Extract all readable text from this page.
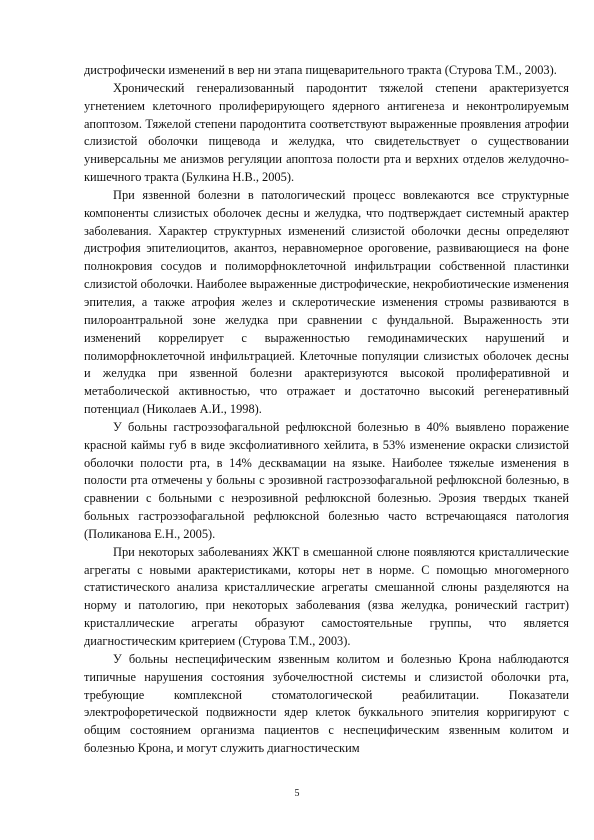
дистрофически изменений в вер ни этапа пищеварительного тракта (Стурова Т.М., 2003).

Хронический генерализованный пародонтит тяжелой степени арактеризуется угнетением клеточного пролиферирующего ядерного антигенеза и неконтролируемым апоптозом. Тяжелой степени пародонтита соответствуют выраженные проявления атрофии слизистой оболочки пищевода и желудка, что свидетельствует о существовании универсальны ме анизмов регуляции апоптоза полости рта и верхних отделов желудочно-кишечного тракта (Булкина Н.В., 2005).

При язвенной болезни в патологический процесс вовлекаются все структурные компоненты слизистых оболочек десны и желудка, что подтверждает системный арактер заболевания. Характер структурных изменений слизистой оболочки десны определяют дистрофия эпителиоцитов, акантоз, неравномерное ороговение, развивающиеся на фоне полнокровия сосудов и полиморфноклеточной инфильтрации собственной пластинки слизистой оболочки. Наиболее выраженные дистрофические, некробиотические изменения эпителия, а также атрофия желез и склеротические изменения стромы развиваются в пилороантральной зоне желудка при сравнении с фундальной. Выраженность эти изменений коррелирует с выраженностью гемодинамических нарушений и полиморфноклеточной инфильтрацией. Клеточные популяции слизистых оболочек десны и желудка при язвенной болезни арактеризуются высокой пролиферативной и метаболической активностью, что отражает и достаточно высокий регенеративный потенциал (Николаев А.И., 1998).

У больны гастроэзофагальной рефлюксной болезнью в 40% выявлено поражение красной каймы губ в виде эксфолиативного хейлита, в 53% изменение окраски слизистой оболочки полости рта, в 14% десквамации на языке. Наиболее тяжелые изменения в полости рта отмечены у больны с эрозивной гастроэзофагальной рефлюксной болезнью, в сравнении с больными с неэрозивной рефлюксной болезнью. Эрозия твердых тканей больных гастроэзофагальной рефлюксной болезнью часто встречающаяся патология (Поликанова Е.Н., 2005).

При некоторых заболеваниях ЖКТ в смешанной слюне появляются кристаллические агрегаты с новыми арактеристиками, которы нет в норме. С помощью многомерного статистического анализа кристаллические агрегаты смешанной слюны разделяются на норму и патологию, при некоторых заболевания (язва желудка, ронический гастрит) кристаллические агрегаты образуют самостоятельные группы, что является диагностическим критерием (Стурова Т.М., 2003).

У больны неспецифическим язвенным колитом и болезнью Крона наблюдаются типичные нарушения состояния зубочелюстной системы и слизистой оболочки рта, требующие комплексной стоматологической реабилитации. Показатели электрофоретической подвижности ядер клеток буккального эпителия корригируют с общим состоянием организма пациентов с неспецифическим язвенным колитом и болезнью Крона, и могут служить диагностическим

5
